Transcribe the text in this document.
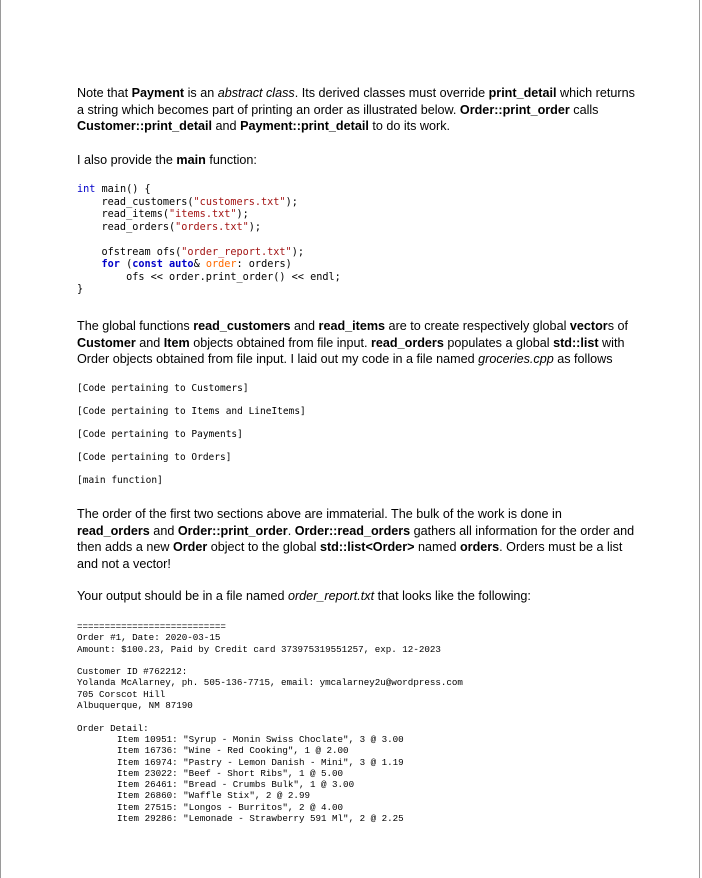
Note that Payment is an abstract class. Its derived classes must override print_detail which returns a string which becomes part of printing an order as illustrated below. Order::print_order calls Customer::print_detail and Payment::print_detail to do its work.
I also provide the main function:
int main() {
read_customers("customers.txt");
read_items("items.txt");
read_orders("orders.txt");

ofstream ofs("order_report.txt");
for (const auto& order: orders)
ofs << order.print_order() << endl;
}
The global functions read_customers and read_items are to create respectively global vectors of Customer and Item objects obtained from file input. read_orders populates a global std::list with Order objects obtained from file input. I laid out my code in a file named groceries.cpp as follows
[Code pertaining to Customers]
[Code pertaining to Items and LineItems]
[Code pertaining to Payments]
[Code pertaining to Orders]
[main function]
The order of the first two sections above are immaterial. The bulk of the work is done in read_orders and Order::print_order. Order::read_orders gathers all information for the order and then adds a new Order object to the global std::list<Order> named orders. Orders must be a list and not a vector!
Your output should be in a file named order_report.txt that looks like the following:
===========================
Order #1, Date: 2020-03-15
Amount: $100.23, Paid by Credit card 373975319551257, exp. 12-2023

Customer ID #762212:
Yolanda McAlarney, ph. 505-136-7715, email: ymcalarney2u@wordpress.com
705 Corscot Hill
Albuquerque, NM 87190

Order Detail:

Item 10951: "Syrup - Monin Swiss Choclate", 3 @ 3.00
Item 16736: "Wine - Red Cooking", 1 @ 2.00
Item 16974: "Pastry - Lemon Danish - Mini", 3 @ 1.19
Item 23022: "Beef - Short Ribs", 1 @ 5.00
Item 26461: "Bread - Crumbs Bulk", 1 @ 3.00
Item 26860: "Waffle Stix", 2 @ 2.99
Item 27515: "Longos - Burritos", 2 @ 4.00
Item 29286: "Lemonade - Strawberry 591 Ml", 2 @ 2.25
